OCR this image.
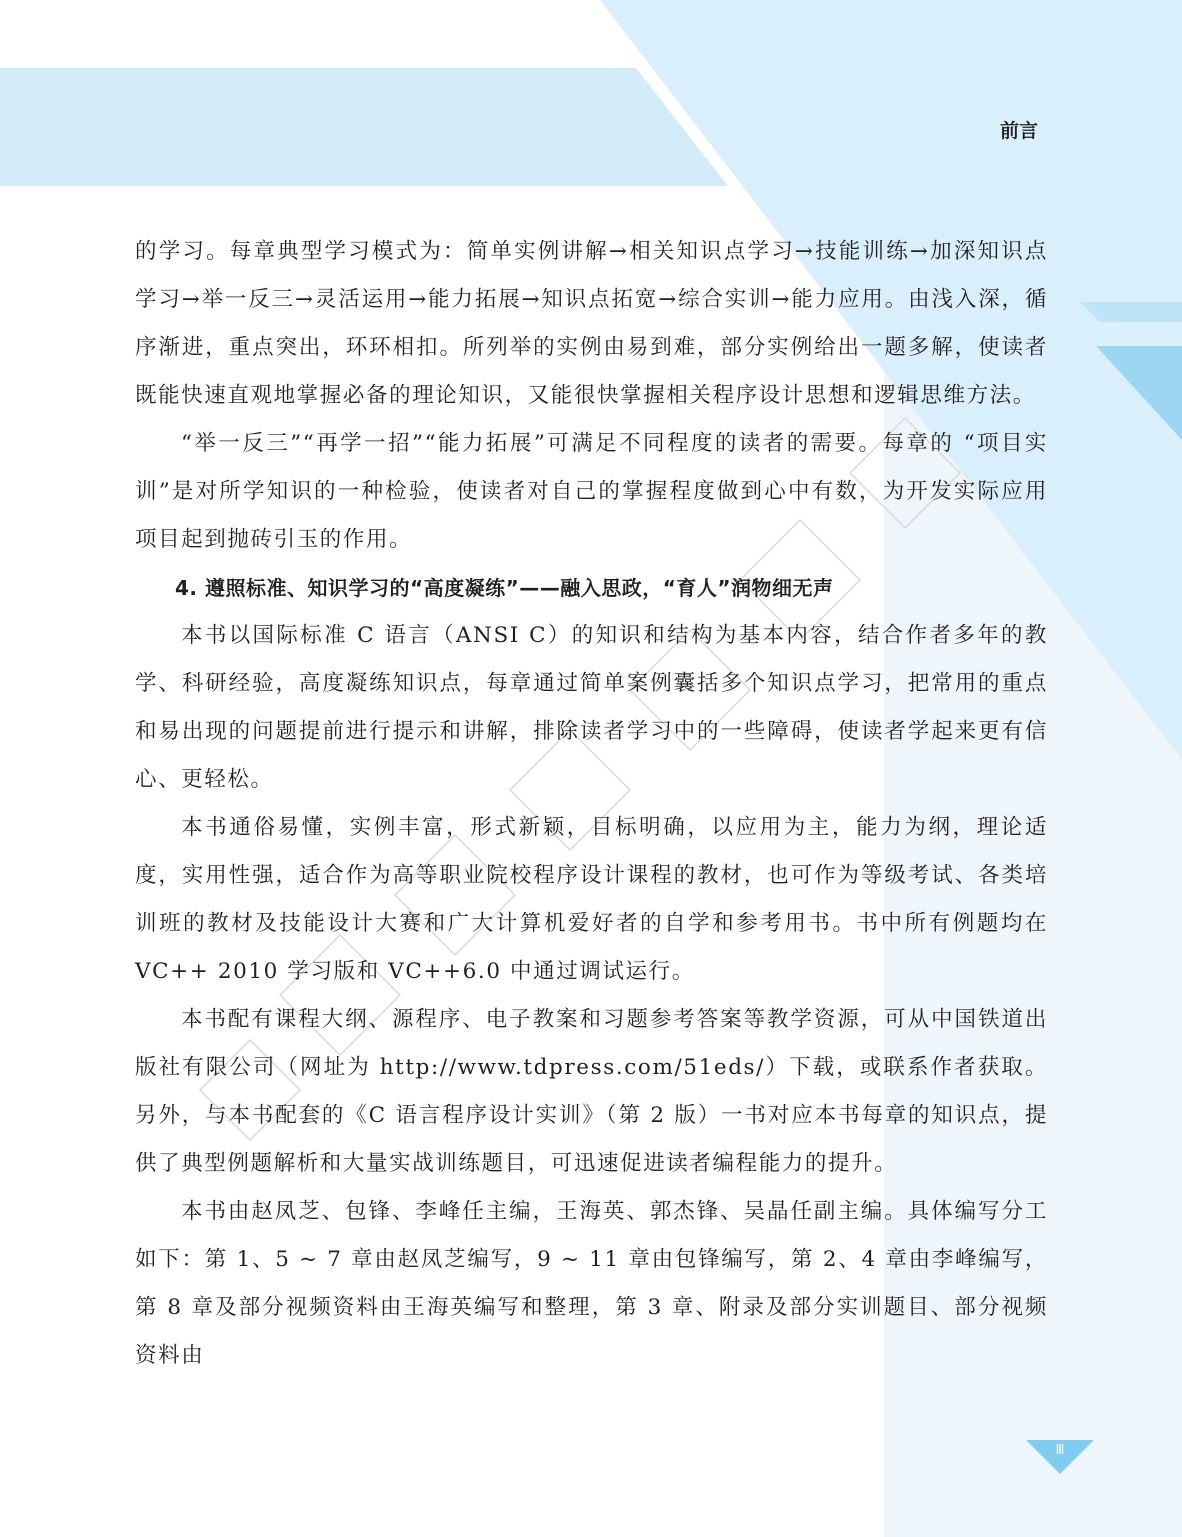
前言

的学习。每章典型学习模式为：简单实例讲解→相关知识点学习→技能训练→加深知识点学习→举一反三→灵活运用→能力拓展→知识点拓宽→综合实训→能力应用。由浅入深，循序渐进，重点突出，环环相扣。所列举的实例由易到难，部分实例给出一题多解，使读者既能快速直观地掌握必备的理论知识，又能很快掌握相关程序设计思想和逻辑思维方法。

“举一反三”“再学一招”“能力拓展”可满足不同程度的读者的需要。每章的 “项目实训”是对所学知识的一种检验，使读者对自己的掌握程度做到心中有数，为开发实际应用项目起到抛砖引玉的作用。

4. 遵照标准、知识学习的“高度凝练”——融入思政，“育人”润物细无声

本书以国际标准 C 语言（ANSI C）的知识和结构为基本内容，结合作者多年的教学、科研经验，高度凝练知识点，每章通过简单案例囊括多个知识点学习，把常用的重点和易出现的问题提前进行提示和讲解，排除读者学习中的一些障碍，使读者学起来更有信心、更轻松。

本书通俗易懂，实例丰富，形式新颖，目标明确，以应用为主，能力为纲，理论适度，实用性强，适合作为高等职业院校程序设计课程的教材，也可作为等级考试、各类培训班的教材及技能设计大赛和广大计算机爱好者的自学和参考用书。书中所有例题均在 VC++ 2010 学习版和 VC++6.0 中通过调试运行。

本书配有课程大纲、源程序、电子教案和习题参考答案等教学资源，可从中国铁道出版社有限公司（网址为 http://www.tdpress.com/51eds/）下载，或联系作者获取。另外，与本书配套的《C 语言程序设计实训》（第 2 版）一书对应本书每章的知识点，提供了典型例题解析和大量实战训练题目，可迅速促进读者编程能力的提升。

本书由赵凤芝、包锋、李峰任主编，王海英、郭杰锋、吴晶任副主编。具体编写分工如下：第 1、5 ~ 7 章由赵凤芝编写，9 ~ 11 章由包锋编写，第 2、4 章由李峰编写，第 8 章及部分视频资料由王海英编写和整理，第 3 章、附录及部分实训题目、部分视频资料由

Ⅲ
